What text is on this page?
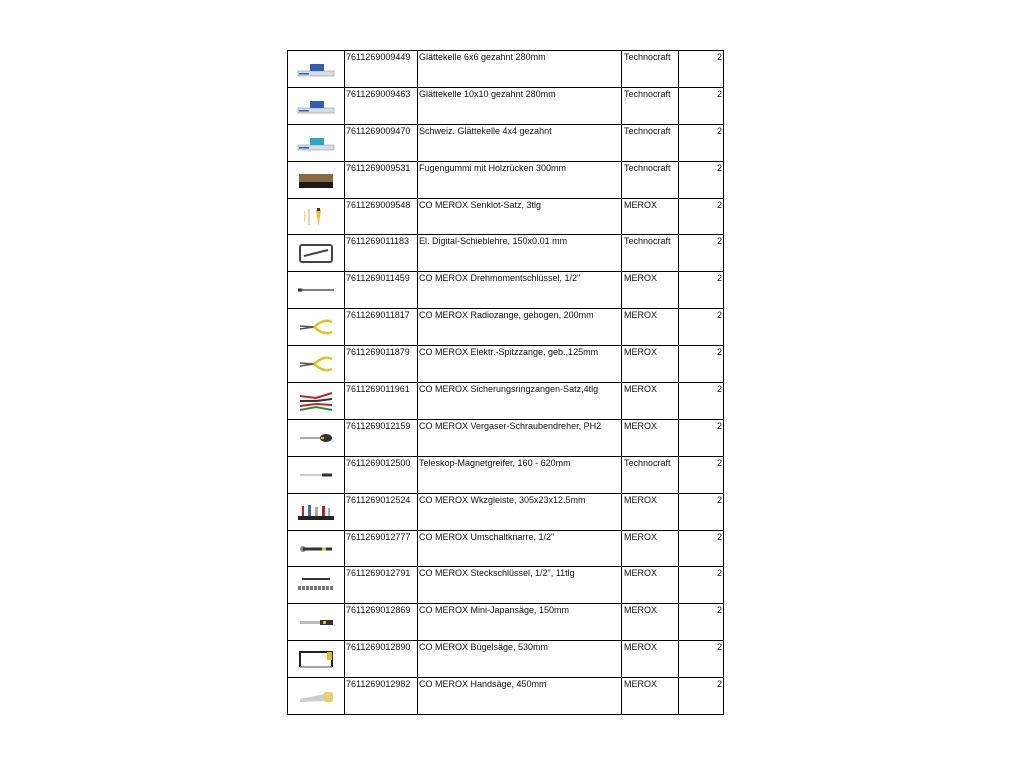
	7611269009449	Glättekelle 6x6 gezahnt 280mm	Technocraft	2
	7611269009463	Glättekelle 10x10 gezahnt 280mm	Technocraft	2
	7611269009470	Schweiz. Glättekelle 4x4 gezahnt	Technocraft	2
	7611269009531	Fugengummi mit Holzrücken 300mm	Technocraft	2
	7611269009548	CO MEROX Senklot-Satz, 3tlg	MEROX	2
	7611269011183	El. Digital-Schieblehre, 150x0.01 mm	Technocraft	2
	7611269011459	CO MEROX Drehmomentschlüssel, 1/2"	MEROX	2
	7611269011817	CO MEROX Radiozange, gebogen, 200mm	MEROX	2
	7611269011879	CO MEROX Elektr.-Spitzzange, geb.,125mm	MEROX	2
	7611269011961	CO MEROX Sicherungsringzangen-Satz,4tlg	MEROX	2
	7611269012159	CO MEROX Vergaser-Schraubendreher, PH2	MEROX	2
	7611269012500	Teleskop-Magnetgreifer, 160 - 620mm	Technocraft	2
	7611269012524	CO MEROX Wkzgleiste, 305x23x12.5mm	MEROX	2
	7611269012777	CO MEROX Umschaltknarre, 1/2"	MEROX	2
	7611269012791	CO MEROX Steckschlüssel, 1/2", 11tlg	MEROX	2
	7611269012869	CO MEROX Mini-Japansäge, 150mm	MEROX	2
	7611269012890	CO MEROX Bügelsäge, 530mm	MEROX	2
	7611269012982	CO MEROX Handsäge, 450mm	MEROX	2
